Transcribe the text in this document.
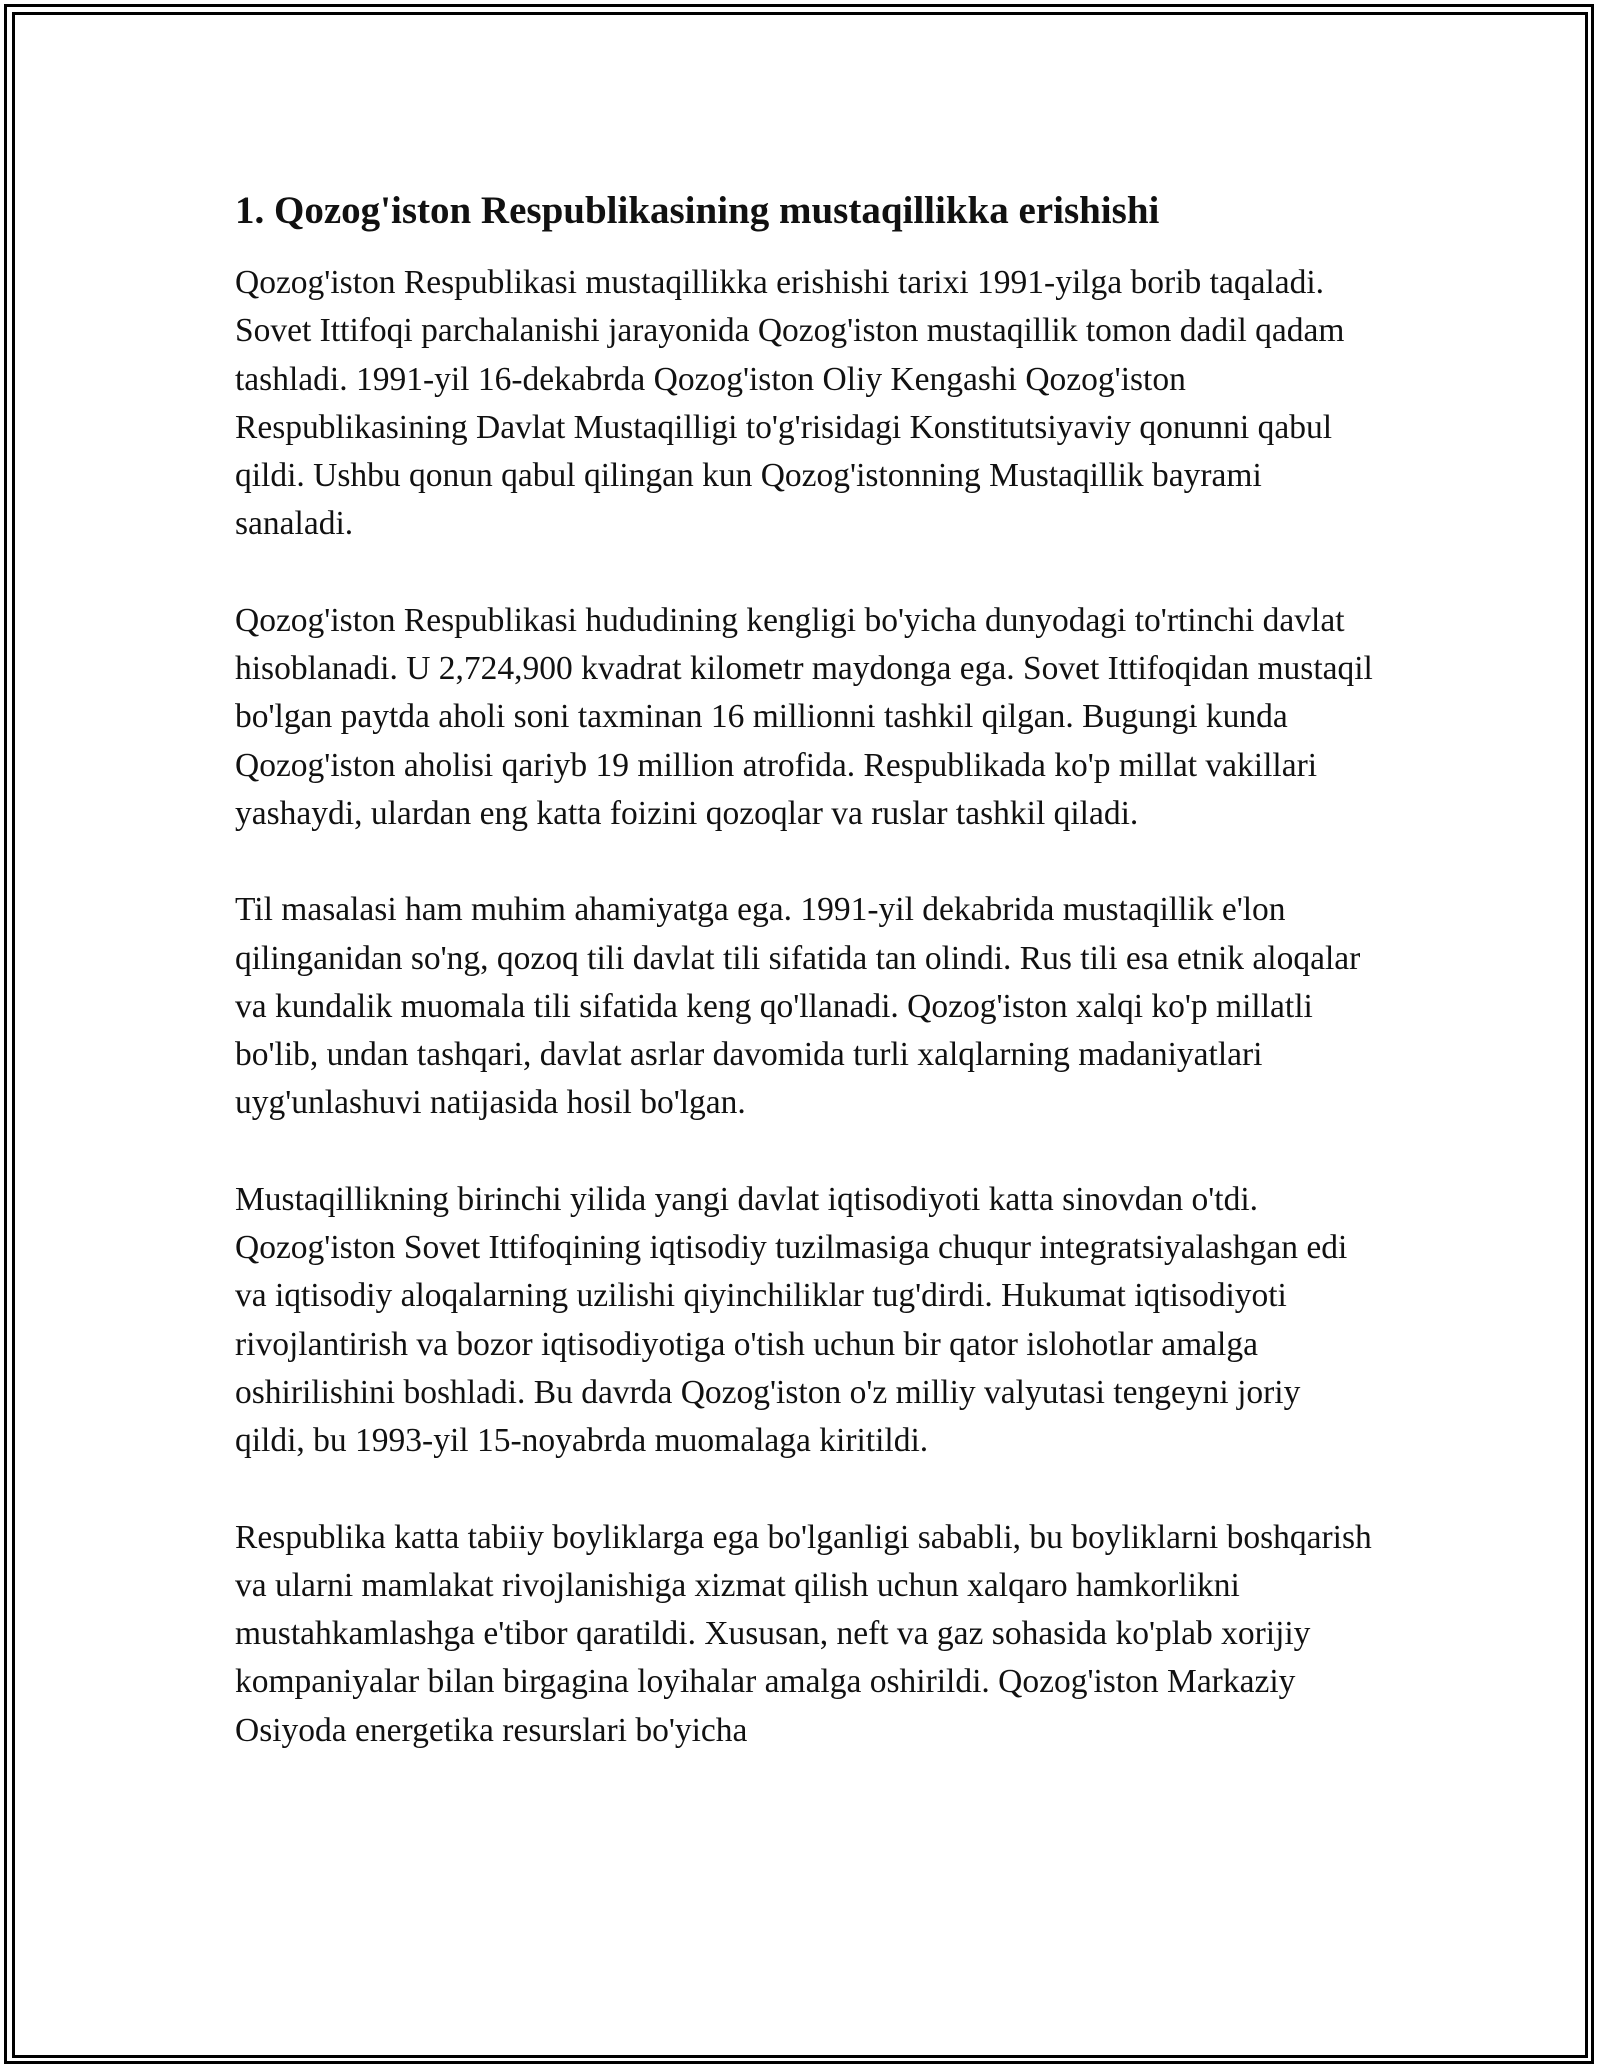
1. Qozog'iston Respublikasining mustaqillikka erishishi

Qozog'iston Respublikasi mustaqillikka erishishi tarixi 1991-yilga borib taqaladi. Sovet Ittifoqi parchalanishi jarayonida Qozog'iston mustaqillik tomon dadil qadam tashladi. 1991-yil 16-dekabrda Qozog'iston Oliy Kengashi Qozog'iston Respublikasining Davlat Mustaqilligi to'g'risidagi Konstitutsiyaviy qonunni qabul qildi. Ushbu qonun qabul qilingan kun Qozog'istonning Mustaqillik bayrami sanaladi.

Qozog'iston Respublikasi hududining kengligi bo'yicha dunyodagi to'rtinchi davlat hisoblanadi. U 2,724,900 kvadrat kilometr maydonga ega. Sovet Ittifoqidan mustaqil bo'lgan paytda aholi soni taxminan 16 millionni tashkil qilgan. Bugungi kunda Qozog'iston aholisi qariyb 19 million atrofida. Respublikada ko'p millat vakillari yashaydi, ulardan eng katta foizini qozoqlar va ruslar tashkil qiladi.

Til masalasi ham muhim ahamiyatga ega. 1991-yil dekabrida mustaqillik e'lon qilinganidan so'ng, qozoq tili davlat tili sifatida tan olindi. Rus tili esa etnik aloqalar va kundalik muomala tili sifatida keng qo'llanadi. Qozog'iston xalqi ko'p millatli bo'lib, undan tashqari, davlat asrlar davomida turli xalqlarning madaniyatlari uyg'unlashuvi natijasida hosil bo'lgan.

Mustaqillikning birinchi yilida yangi davlat iqtisodiyoti katta sinovdan o'tdi. Qozog'iston Sovet Ittifoqining iqtisodiy tuzilmasiga chuqur integratsiyalashgan edi va iqtisodiy aloqalarning uzilishi qiyinchiliklar tug'dirdi. Hukumat iqtisodiyoti rivojlantirish va bozor iqtisodiyotiga o'tish uchun bir qator islohotlar amalga oshirilishini boshladi. Bu davrda Qozog'iston o'z milliy valyutasi tengeyni joriy qildi, bu 1993-yil 15-noyabrda muomalaga kiritildi.

Respublika katta tabiiy boyliklarga ega bo'lganligi sababli, bu boyliklarni boshqarish va ularni mamlakat rivojlanishiga xizmat qilish uchun xalqaro hamkorlikni mustahkamlashga e'tibor qaratildi. Xususan, neft va gaz sohasida ko'plab xorijiy kompaniyalar bilan birgagina loyihalar amalga oshirildi. Qozog'iston Markaziy Osiyoda energetika resurslari bo'yicha
